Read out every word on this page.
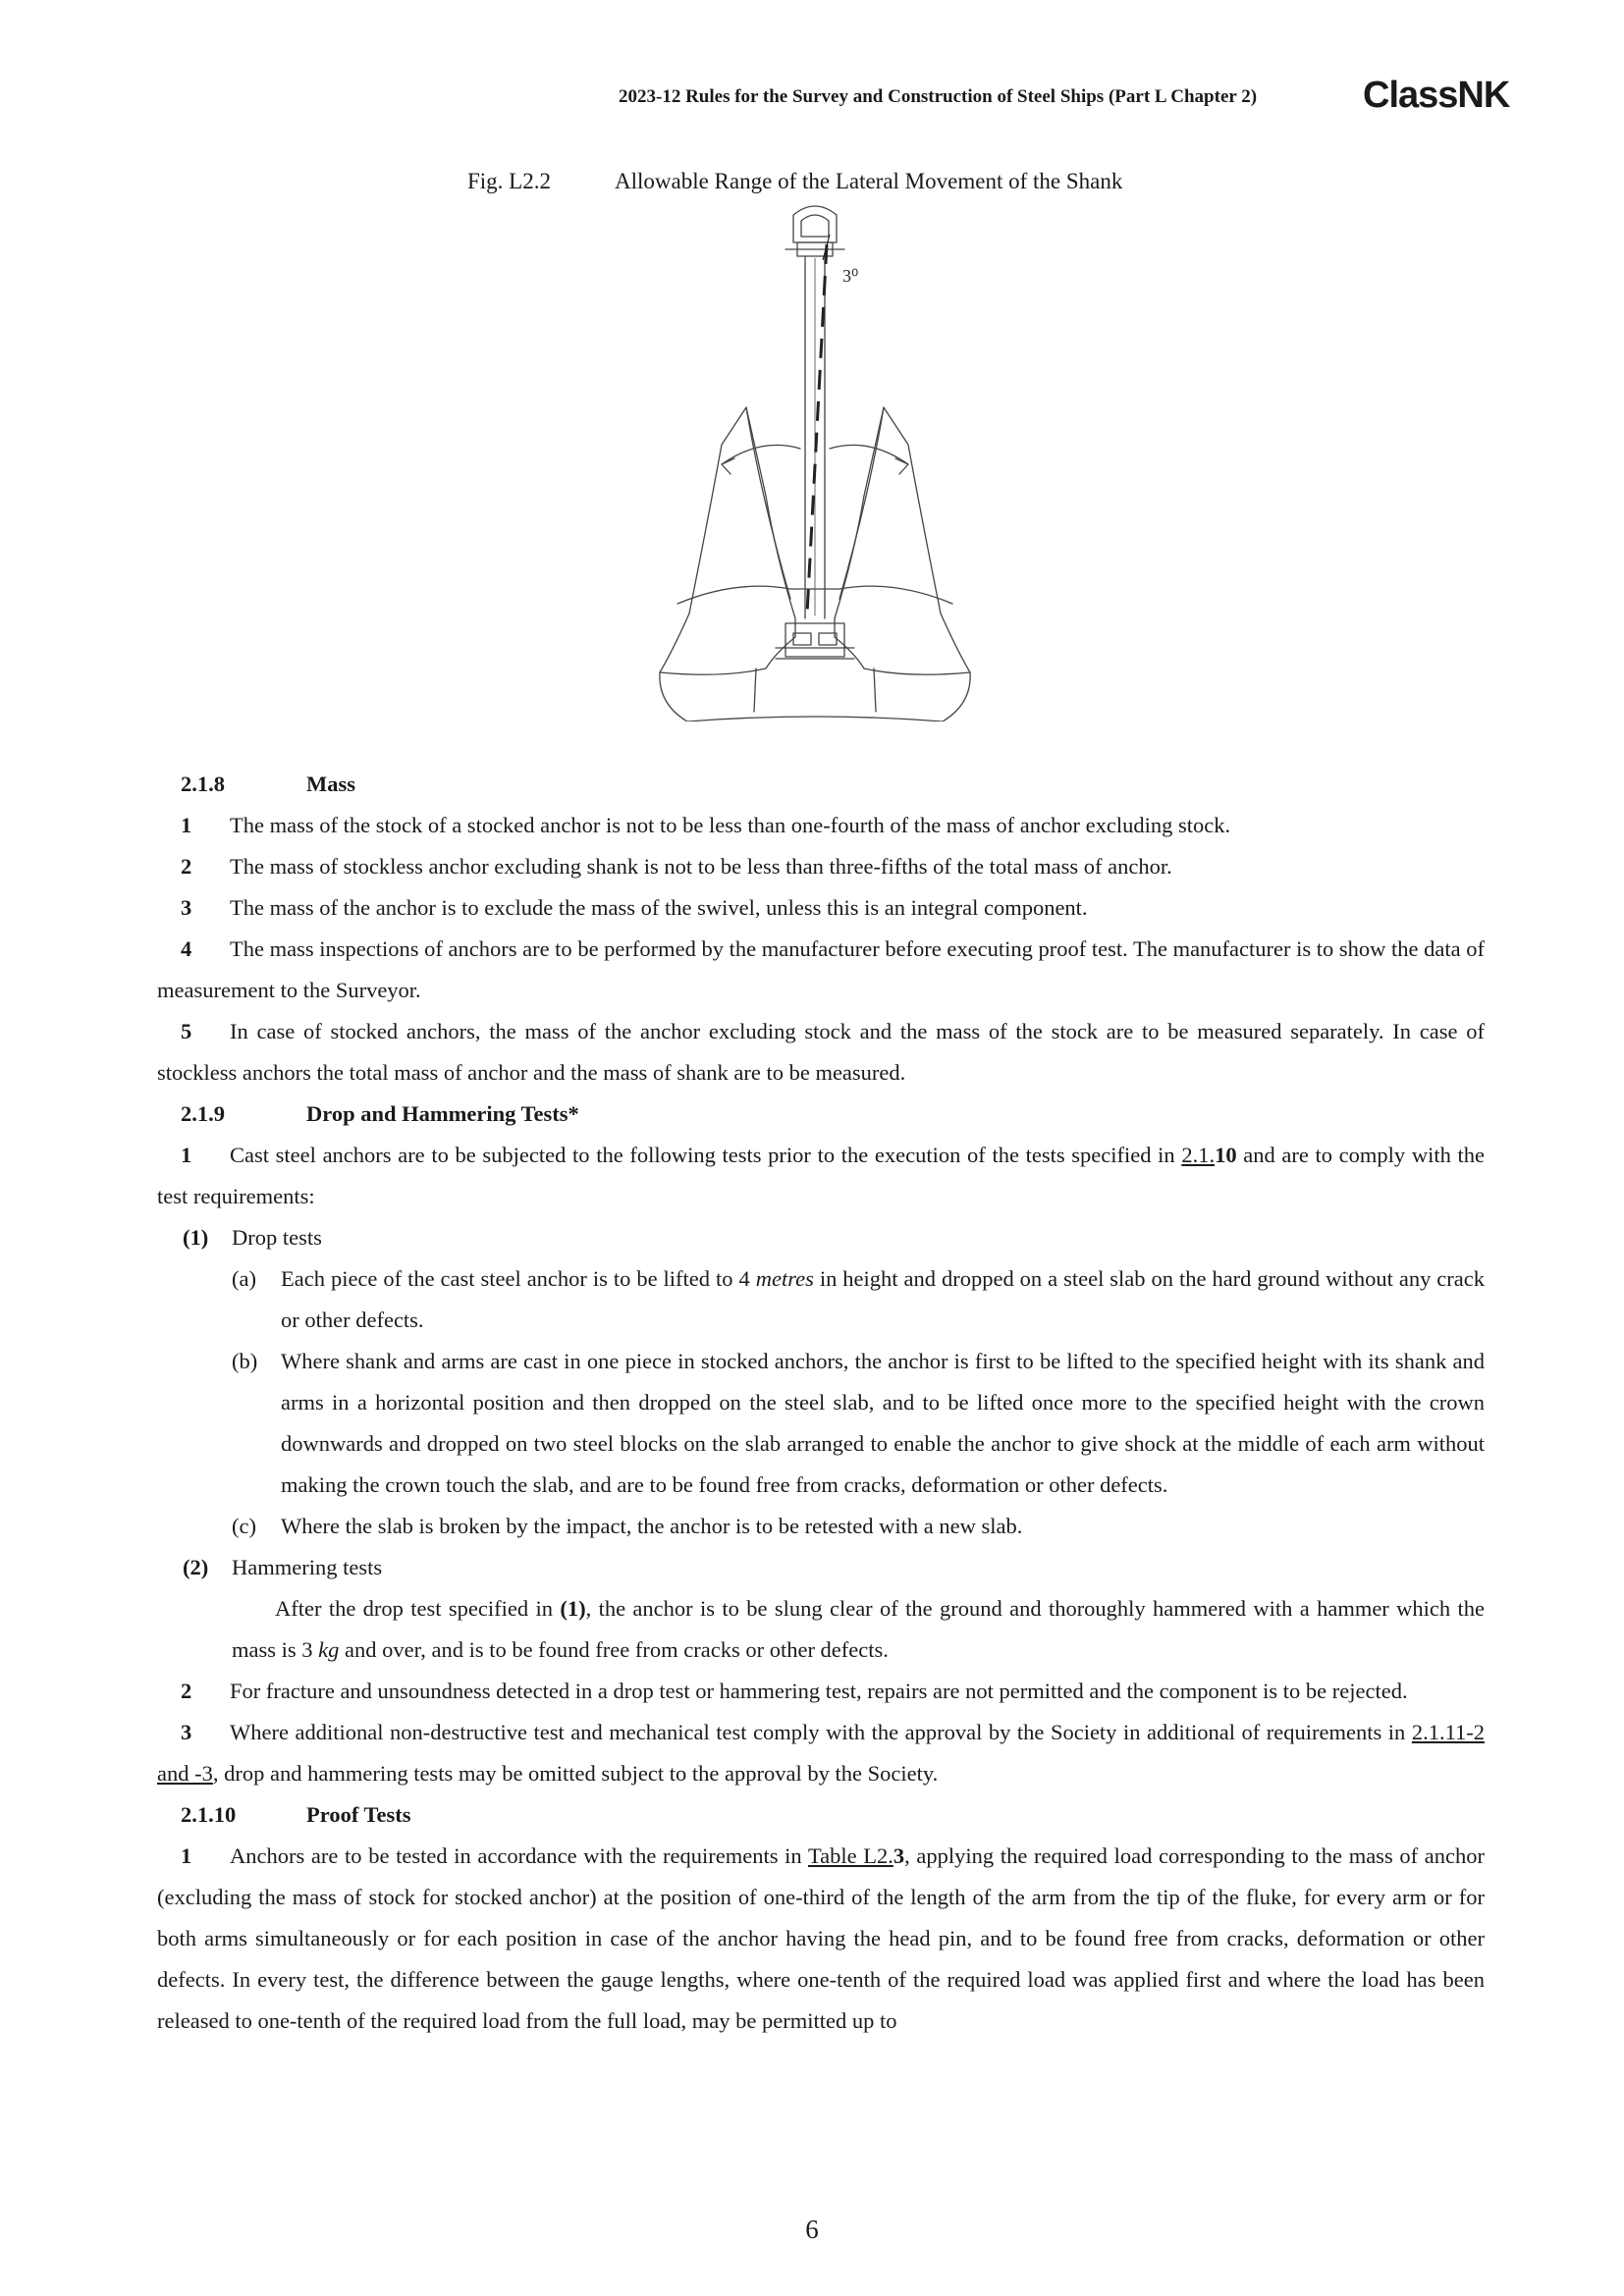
2023-12 Rules for the Survey and Construction of Steel Ships (Part L Chapter 2)	ClassNK
Fig. L2.2	Allowable Range of the Lateral Movement of the Shank
3⁰

2.1.8	Mass

1 The mass of the stock of a stocked anchor is not to be less than one-fourth of the mass of anchor excluding stock.

2 The mass of stockless anchor excluding shank is not to be less than three-fifths of the total mass of anchor.

3 The mass of the anchor is to exclude the mass of the swivel, unless this is an integral component.

4 The mass inspections of anchors are to be performed by the manufacturer before executing proof test. The manufacturer is to show the data of measurement to the Surveyor.

5 In case of stocked anchors, the mass of the anchor excluding stock and the mass of the stock are to be measured separately. In case of stockless anchors the total mass of anchor and the mass of shank are to be measured.

2.1.9	Drop and Hammering Tests*

1 Cast steel anchors are to be subjected to the following tests prior to the execution of the tests specified in 2.1.10 and are to comply with the test requirements:

(1) Drop tests

(a) Each piece of the cast steel anchor is to be lifted to 4 metres in height and dropped on a steel slab on the hard ground without any crack or other defects.

(b) Where shank and arms are cast in one piece in stocked anchors, the anchor is first to be lifted to the specified height with its shank and arms in a horizontal position and then dropped on the steel slab, and to be lifted once more to the specified height with the crown downwards and dropped on two steel blocks on the slab arranged to enable the anchor to give shock at the middle of each arm without making the crown touch the slab, and are to be found free from cracks, deformation or other defects.

(c) Where the slab is broken by the impact, the anchor is to be retested with a new slab.

(2) Hammering tests

After the drop test specified in (1), the anchor is to be slung clear of the ground and thoroughly hammered with a hammer which the mass is 3 kg and over, and is to be found free from cracks or other defects.

2 For fracture and unsoundness detected in a drop test or hammering test, repairs are not permitted and the component is to be rejected.

3 Where additional non-destructive test and mechanical test comply with the approval by the Society in additional of requirements in 2.1.11-2 and -3, drop and hammering tests may be omitted subject to the approval by the Society.

2.1.10	Proof Tests

1 Anchors are to be tested in accordance with the requirements in Table L2.3, applying the required load corresponding to the mass of anchor (excluding the mass of stock for stocked anchor) at the position of one-third of the length of the arm from the tip of the fluke, for every arm or for both arms simultaneously or for each position in case of the anchor having the head pin, and to be found free from cracks, deformation or other defects. In every test, the difference between the gauge lengths, where one-tenth of the required load was applied first and where the load has been released to one-tenth of the required load from the full load, may be permitted up to

6
